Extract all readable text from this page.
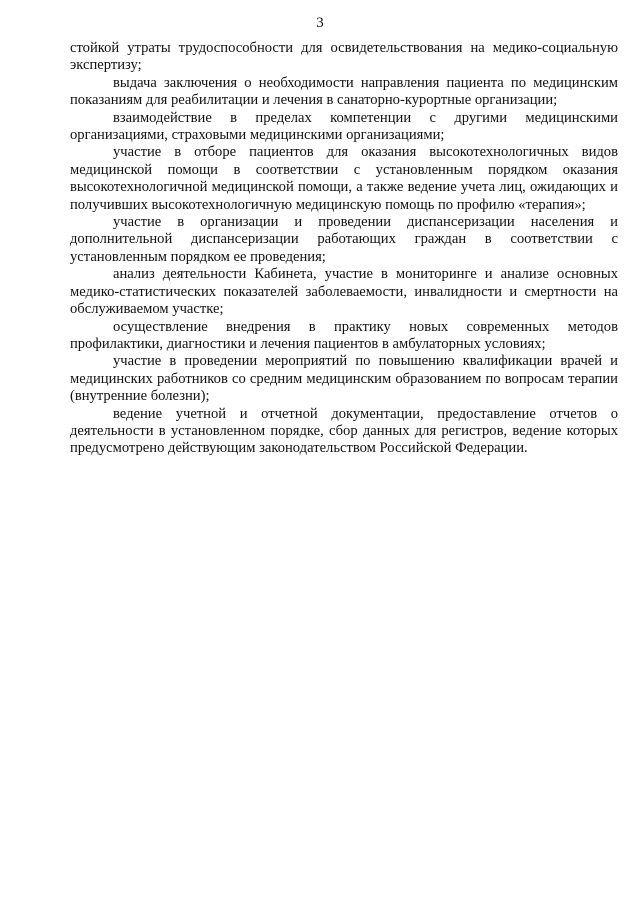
3

стойкой утраты трудоспособности для освидетельствования на медико-социальную экспертизу;

выдача заключения о необходимости направления пациента по медицинским показаниям для реабилитации и лечения в санаторно-курортные организации;

взаимодействие в пределах компетенции с другими медицинскими организациями, страховыми медицинскими организациями;

участие в отборе пациентов для оказания высокотехнологичных видов медицинской помощи в соответствии с установленным порядком оказания высокотехнологичной медицинской помощи, а также ведение учета лиц, ожидающих и получивших высокотехнологичную медицинскую помощь по профилю «терапия»;

участие в организации и проведении диспансеризации населения и дополнительной диспансеризации работающих граждан в соответствии с установленным порядком ее проведения;

анализ деятельности Кабинета, участие в мониторинге и анализе основных медико-статистических показателей заболеваемости, инвалидности и смертности на обслуживаемом участке;

осуществление внедрения в практику новых современных методов профилактики, диагностики и лечения пациентов в амбулаторных условиях;

участие в проведении мероприятий по повышению квалификации врачей и медицинских работников со средним медицинским образованием по вопросам терапии (внутренние болезни);

ведение учетной и отчетной документации, предоставление отчетов о деятельности в установленном порядке, сбор данных для регистров, ведение которых предусмотрено действующим законодательством Российской Федерации.
